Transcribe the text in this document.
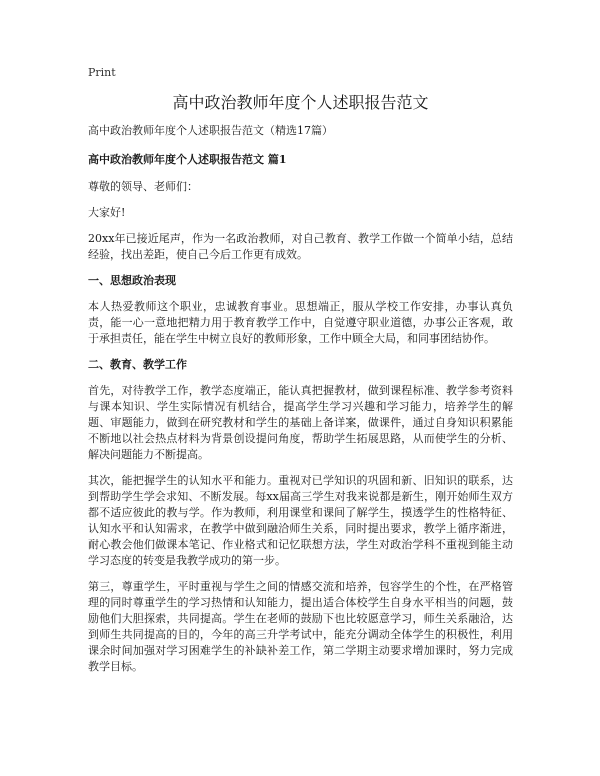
Print
高中政治教师年度个人述职报告范文

高中政治教师年度个人述职报告范文（精选17篇）

高中政治教师年度个人述职报告范文 篇1

尊敬的领导、老师们：

大家好!

20xx年已接近尾声，作为一名政治教师，对自己教育、教学工作做一个简单小结，总结经验，找出差距，使自己今后工作更有成效。

一、思想政治表现

本人热爱教师这个职业，忠诚教育事业。思想端正，服从学校工作安排，办事认真负责，能一心一意地把精力用于教育教学工作中，自觉遵守职业道德，办事公正客观，敢于承担责任，能在学生中树立良好的教师形象，工作中顾全大局，和同事团结协作。

二、教育、教学工作

首先，对待教学工作，教学态度端正，能认真把握教材，做到课程标准、教学参考资料与课本知识、学生实际情况有机结合，提高学生学习兴趣和学习能力，培养学生的解题、审题能力，做到在研究教材和学生的基础上备详案，做课件，通过自身知识积累能不断地以社会热点材料为背景创设提问角度，帮助学生拓展思路，从而使学生的分析、解决问题能力不断提高。

其次，能把握学生的认知水平和能力。重视对已学知识的巩固和新、旧知识的联系，达到帮助学生学会求知、不断发展。每xx届高三学生对我来说都是新生，刚开始师生双方都不适应彼此的教与学。作为教师，利用课堂和课间了解学生，摸透学生的性格特征、认知水平和认知需求，在教学中做到融洽师生关系，同时提出要求，教学上循序渐进，耐心教会他们做课本笔记、作业格式和记忆联想方法，学生对政治学科不重视到能主动学习态度的转变是我教学成功的第一步。

第三，尊重学生，平时重视与学生之间的情感交流和培养，包容学生的个性，在严格管理的同时尊重学生的学习热情和认知能力，提出适合体校学生自身水平相当的问题，鼓励他们大胆探索，共同提高。学生在老师的鼓励下也比较愿意学习，师生关系融洽，达到师生共同提高的目的，今年的高三升学考试中，能充分调动全体学生的积极性，利用课余时间加强对学习困难学生的补缺补差工作，第二学期主动要求增加课时，努力完成教学目标。
